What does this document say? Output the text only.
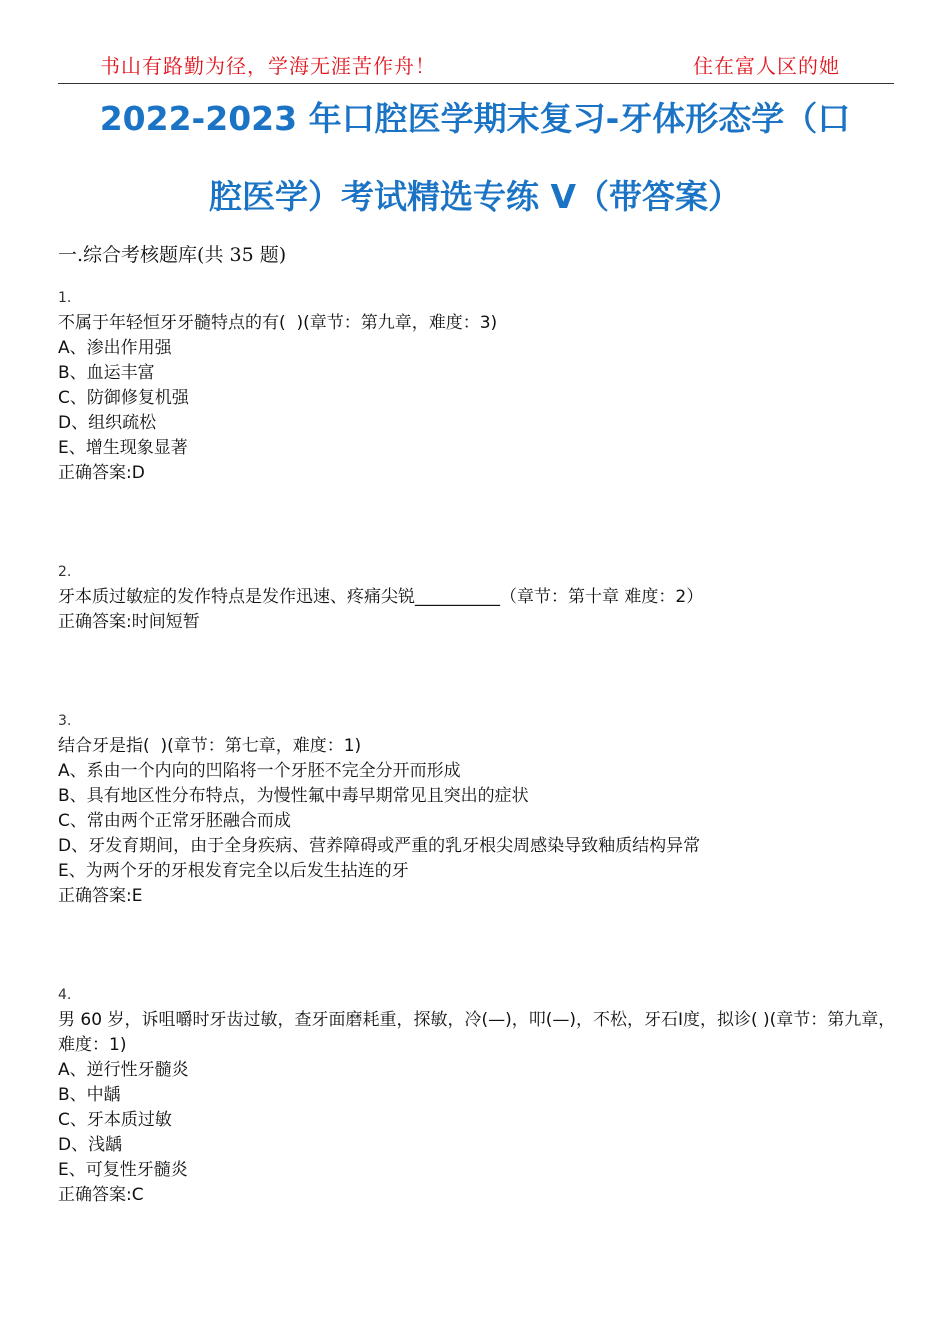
书山有路勤为径，学海无涯苦作舟！	住在富人区的她
2022-2023 年口腔医学期末复习-牙体形态学（口
腔医学）考试精选专练 V（带答案）
一.综合考核题库(共 35 题)
1.
不属于年轻恒牙牙髓特点的有(  )(章节：第九章，难度：3)
A、渗出作用强
B、血运丰富
C、防御修复机强
D、组织疏松
E、增生现象显著
正确答案:D
2.
牙本质过敏症的发作特点是发作迅速、疼痛尖锐__________（章节：第十章 难度：2）
正确答案:时间短暂
3.
结合牙是指(  )(章节：第七章，难度：1)
A、系由一个内向的凹陷将一个牙胚不完全分开而形成
B、具有地区性分布特点，为慢性氟中毒早期常见且突出的症状
C、常由两个正常牙胚融合而成
D、牙发育期间，由于全身疾病、营养障碍或严重的乳牙根尖周感染导致釉质结构异常
E、为两个牙的牙根发育完全以后发生拈连的牙
正确答案:E
4.
男 60 岁，诉咀嚼时牙齿过敏，查牙面磨耗重，探敏，冷(—)，叩(—)，不松，牙石Ⅰ度，拟诊( )(章节：第九章，难度：1)
A、逆行性牙髓炎
B、中龋
C、牙本质过敏
D、浅龋
E、可复性牙髓炎
正确答案:C
